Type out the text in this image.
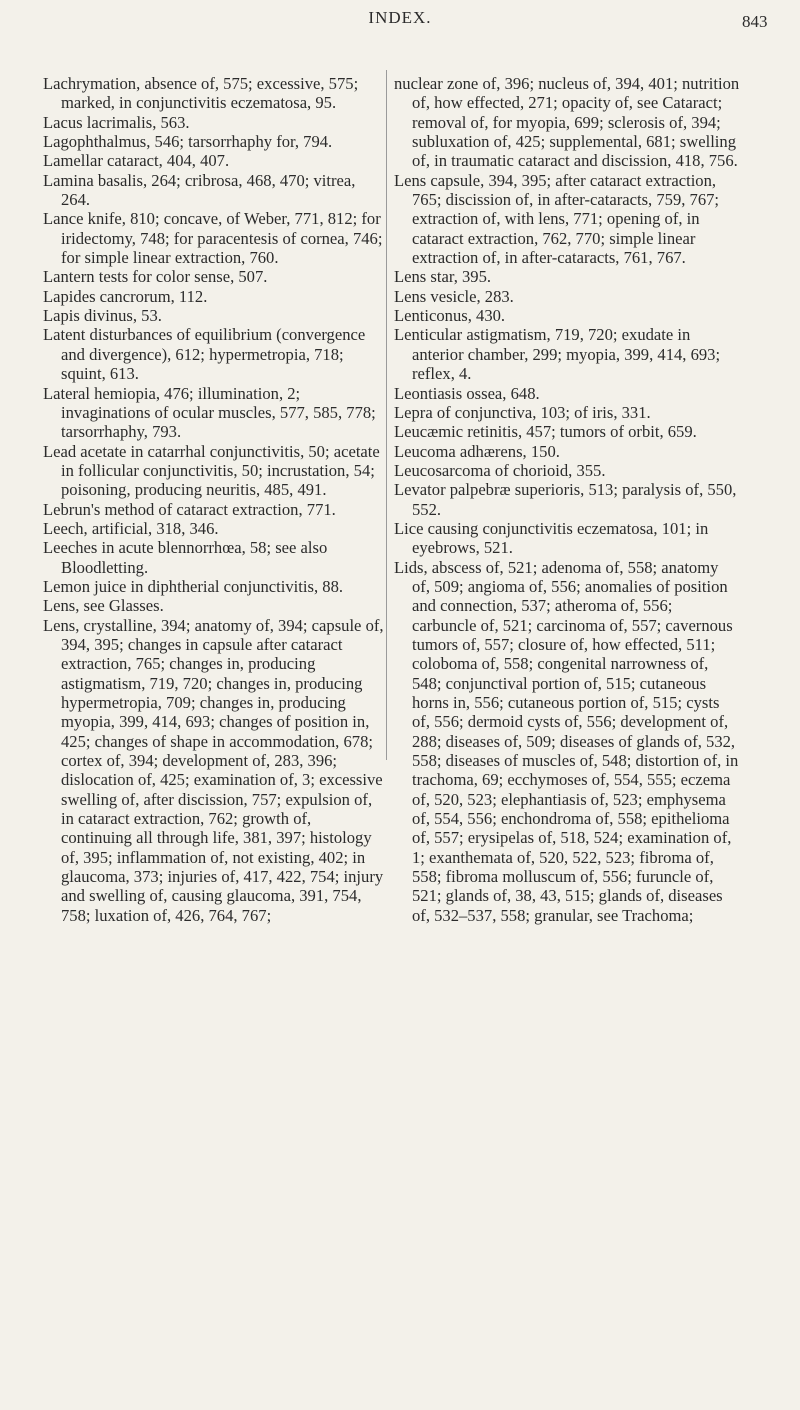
INDEX.	843

Lachrymation, absence of, 575; excessive, 575; marked, in conjunctivitis eczematosa, 95.

Lacus lacrimalis, 563.

Lagophthalmus, 546; tarsorrhaphy for, 794.

Lamellar cataract, 404, 407.

Lamina basalis, 264; cribrosa, 468, 470; vitrea, 264.

Lance knife, 810; concave, of Weber, 771, 812; for iridectomy, 748; for paracentesis of cornea, 746; for simple linear extraction, 760.

Lantern tests for color sense, 507.

Lapides cancrorum, 112.

Lapis divinus, 53.

Latent disturbances of equilibrium (convergence and divergence), 612; hypermetropia, 718; squint, 613.

Lateral hemiopia, 476; illumination, 2; invaginations of ocular muscles, 577, 585, 778; tarsorrhaphy, 793.

Lead acetate in catarrhal conjunctivitis, 50; acetate in follicular conjunctivitis, 50; incrustation, 54; poisoning, producing neuritis, 485, 491.

Lebrun's method of cataract extraction, 771.

Leech, artificial, 318, 346.

Leeches in acute blennorrhœa, 58; see also Bloodletting.

Lemon juice in diphtherial conjunctivitis, 88.

Lens, see Glasses.

Lens, crystalline, 394; anatomy of, 394; capsule of, 394, 395; changes in capsule after cataract extraction, 765; changes in, producing astigmatism, 719, 720; changes in, producing hypermetropia, 709; changes in, producing myopia, 399, 414, 693; changes of position in, 425; changes of shape in accommodation, 678; cortex of, 394; development of, 283, 396; dislocation of, 425; examination of, 3; excessive swelling of, after discission, 757; expulsion of, in cataract extraction, 762; growth of, continuing all through life, 381, 397; histology of, 395; inflammation of, not existing, 402; in glaucoma, 373; injuries of, 417, 422, 754; injury and swelling of, causing glaucoma, 391, 754, 758; luxation of, 426, 764, 767;

nuclear zone of, 396; nucleus of, 394, 401; nutrition of, how effected, 271; opacity of, see Cataract; removal of, for myopia, 699; sclerosis of, 394; subluxation of, 425; supplemental, 681; swelling of, in traumatic cataract and discission, 418, 756.

Lens capsule, 394, 395; after cataract extraction, 765; discission of, in after-cataracts, 759, 767; extraction of, with lens, 771; opening of, in cataract extraction, 762, 770; simple linear extraction of, in after-cataracts, 761, 767.

Lens star, 395.

Lens vesicle, 283.

Lenticonus, 430.

Lenticular astigmatism, 719, 720; exudate in anterior chamber, 299; myopia, 399, 414, 693; reflex, 4.

Leontiasis ossea, 648.

Lepra of conjunctiva, 103; of iris, 331.

Leucæmic retinitis, 457; tumors of orbit, 659.

Leucoma adhærens, 150.

Leucosarcoma of chorioid, 355.

Levator palpebræ superioris, 513; paralysis of, 550, 552.

Lice causing conjunctivitis eczematosa, 101; in eyebrows, 521.

Lids, abscess of, 521; adenoma of, 558; anatomy of, 509; angioma of, 556; anomalies of position and connection, 537; atheroma of, 556; carbuncle of, 521; carcinoma of, 557; cavernous tumors of, 557; closure of, how effected, 511; coloboma of, 558; congenital narrowness of, 548; conjunctival portion of, 515; cutaneous horns in, 556; cutaneous portion of, 515; cysts of, 556; dermoid cysts of, 556; development of, 288; diseases of, 509; diseases of glands of, 532, 558; diseases of muscles of, 548; distortion of, in trachoma, 69; ecchymoses of, 554, 555; eczema of, 520, 523; elephantiasis of, 523; emphysema of, 554, 556; enchondroma of, 558; epithelioma of, 557; erysipelas of, 518, 524; examination of, 1; exanthemata of, 520, 522, 523; fibroma of, 558; fibroma molluscum of, 556; furuncle of, 521; glands of, 38, 43, 515; glands of, diseases of, 532–537, 558; granular, see Trachoma;
